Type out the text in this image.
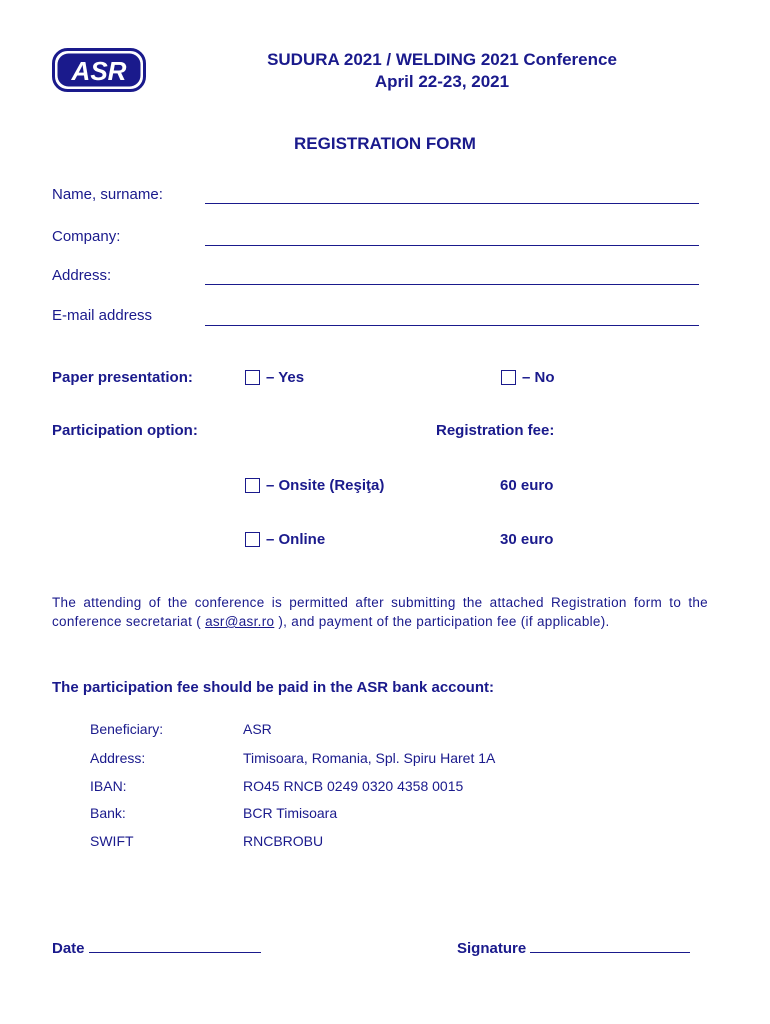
ASR	SUDURA 2021 / WELDING 2021 Conference
April 22-23, 2021
REGISTRATION FORM
Name, surname:
Company:
Address:
E-mail address
Paper presentation:	– Yes	– No
Participation option:	Registration fee:
– Onsite (Reşiţa)	60 euro
– Online	30 euro
The attending of the conference is permitted after submitting the attached Registration form to the conference secretariat ( asr@asr.ro ), and payment of the participation fee (if applicable).
The participation fee should be paid in the ASR bank account:
Beneficiary:	ASR
Address:	Timisoara, Romania, Spl. Spiru Haret 1A
IBAN:	RO45 RNCB 0249 0320 4358 0015
Bank:	BCR Timisoara
SWIFT	RNCBROBU
Date	Signature
